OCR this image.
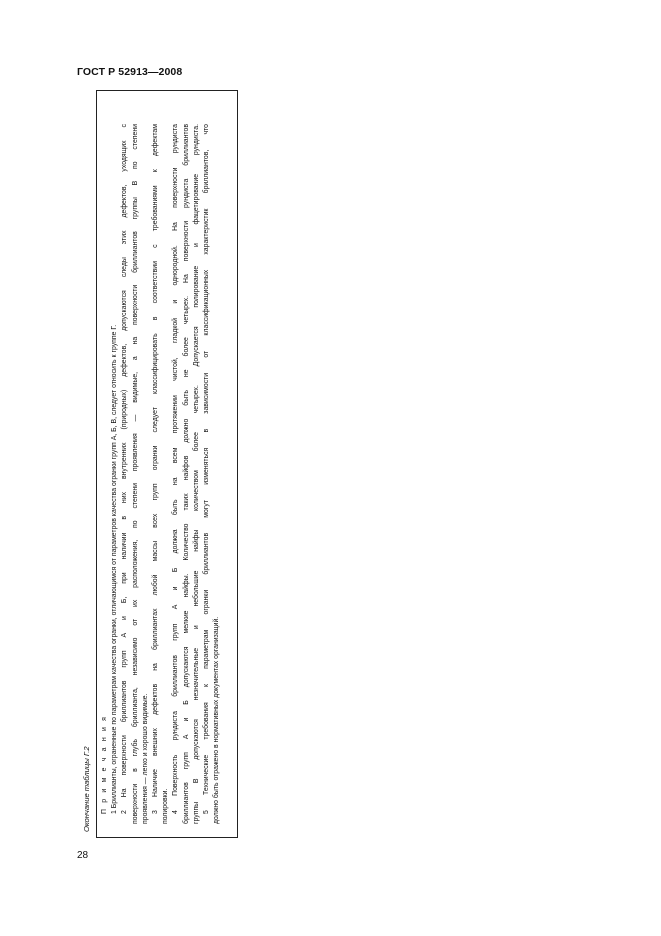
ГОСТ Р 52913—2008
Окончание таблицы Г.2	П р и м е ч а н и я 1 Бриллианты, ограненные по параметрам качества огранки, отличающимся от параметров качества огранки групп А, Б, В, следует относить к группе Г. 2 На поверхности бриллиантов групп А и Б, при наличии в них внутренних (природных) дефектов, допускаются следы этих дефектов, уходящих с поверхности в глубь бриллианта, независимо от их расположения, по степени проявления — видимые, а на поверхности бриллиантов группы В по степени проявления — легко и хорошо видимые. 3 Наличие внешних дефектов на бриллиантах любой массы всех групп огранки следует классифицировать в соответствии с требованиями к дефектам полировки. 4 Поверхность рундиста бриллиантов групп А и Б должна быть на всем протяжении чистой, гладкой и однородной. На поверхности рундиста бриллиантов групп А и Б допускаются мелкие найфы. Количество таких найфов должно быть не более четырех. На поверхности рундиста бриллиантов группы В допускаются незначительные и небольшие найфы количеством более четырех. Допускается полирование и фацетирование рундиста. 5 Технические требования к параметрам огранки бриллиантов могут изменяться в зависимости от классификационных характеристик бриллиантов, что должно быть отражено в нормативных документах организаций.
28
